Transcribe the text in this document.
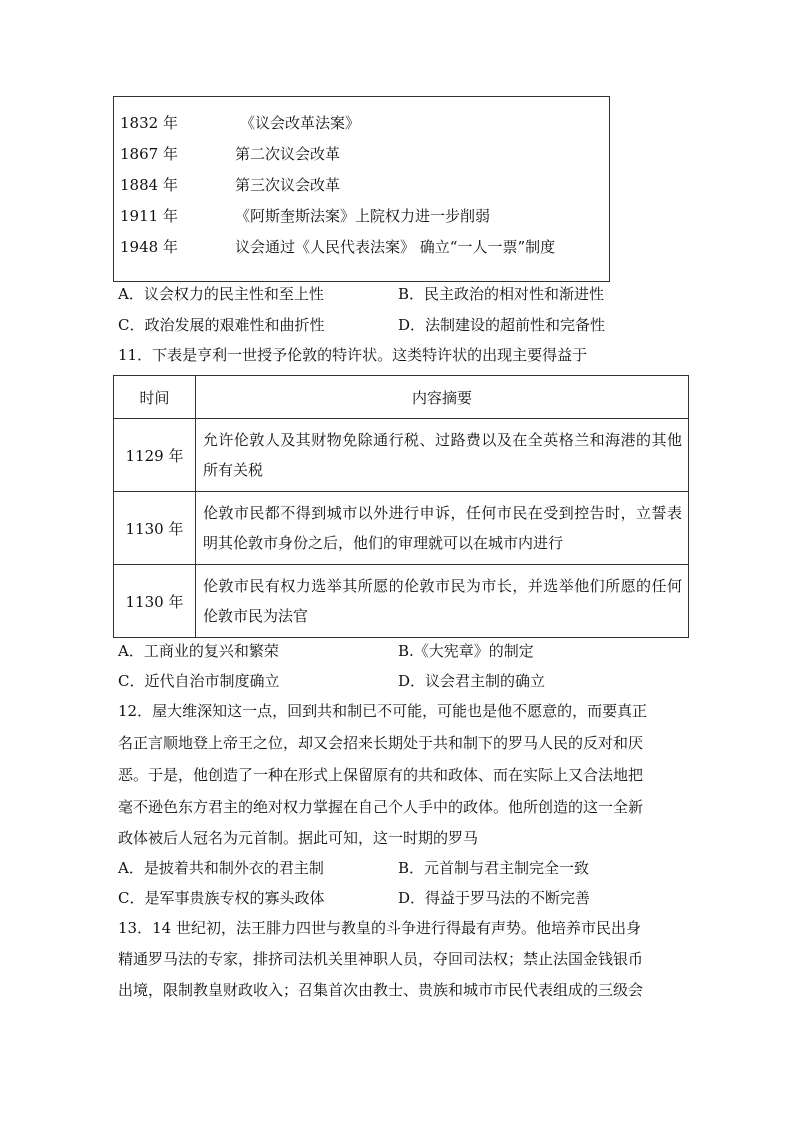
1832 年	《议会改革法案》
1867 年	第二次议会改革
1884 年	第三次议会改革
1911 年	《阿斯奎斯法案》上院权力进一步削弱
1948 年	议会通过《人民代表法案》 确立“一人一票”制度
A．议会权力的民主性和至上性	B．民主政治的相对性和渐进性
C．政治发展的艰难性和曲折性	D．法制建设的超前性和完备性
11．下表是亨利一世授予伦敦的特许状。这类特许状的出现主要得益于
时间	内容摘要
1129 年	允许伦敦人及其财物免除通行税、过路费以及在全英格兰和海港的其他所有关税
1130 年	伦敦市民都不得到城市以外进行申诉，任何市民在受到控告时，立誓表明其伦敦市身份之后，他们的审理就可以在城市内进行
1130 年	伦敦市民有权力选举其所愿的伦敦市民为市长，并选举他们所愿的任何伦敦市民为法官
A．工商业的复兴和繁荣	B.《大宪章》的制定
C．近代自治市制度确立	D．议会君主制的确立
12．屋大维深知这一点，回到共和制已不可能，可能也是他不愿意的，而要真正
名正言顺地登上帝王之位，却又会招来长期处于共和制下的罗马人民的反对和厌
恶。于是，他创造了一种在形式上保留原有的共和政体、而在实际上又合法地把
毫不逊色东方君主的绝对权力掌握在自己个人手中的政体。他所创造的这一全新
政体被后人冠名为元首制。据此可知，这一时期的罗马
A．是披着共和制外衣的君主制	B．元首制与君主制完全一致
C．是军事贵族专权的寡头政体	D．得益于罗马法的不断完善
13．14 世纪初，法王腓力四世与教皇的斗争进行得最有声势。他培养市民出身
精通罗马法的专家，排挤司法机关里神职人员，夺回司法权；禁止法国金钱银币
出境，限制教皇财政收入；召集首次由教士、贵族和城市市民代表组成的三级会
